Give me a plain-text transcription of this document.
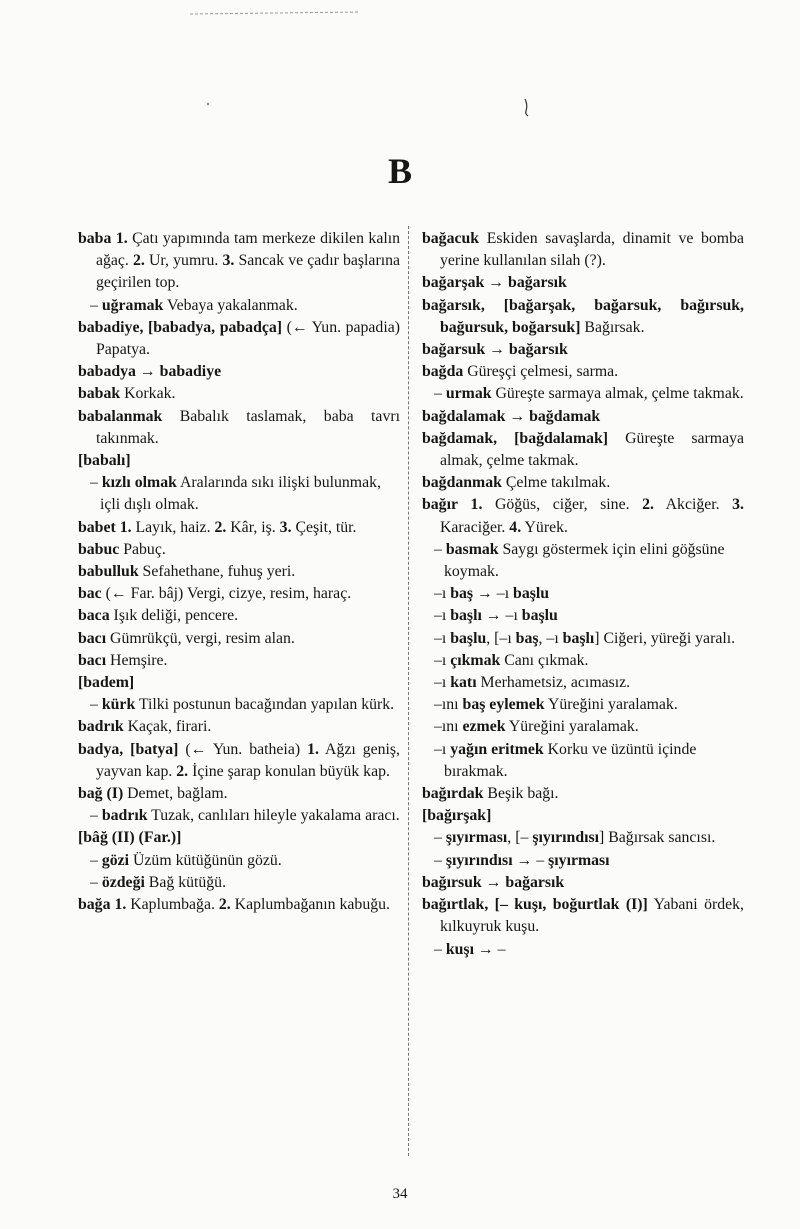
B
baba 1. Çatı yapımında tam merkeze dikilen kalın ağaç. 2. Ur, yumru. 3. Sancak ve çadır başlarına geçirilen top.
– uğramak Vebaya yakalanmak.
babadiye, [babadya, pabadça] (← Yun. papadia) Papatya.
babadya → babadiye
babak Korkak.
babalanmak Babalık taslamak, baba tavrı takınmak.
[babalı]
– kızlı olmak Aralarında sıkı ilişki bulunmak, içli dışlı olmak.
babet 1. Layık, haiz. 2. Kâr, iş. 3. Çeşit, tür.
babuc Pabuç.
babulluk Sefahethane, fuhuş yeri.
bac (← Far. bâj) Vergi, cizye, resim, haraç.
baca Işık deliği, pencere.
bacı Gümrükçü, vergi, resim alan.
bacı Hemşire.
[badem]
– kürk Tilki postunun bacağından yapılan kürk.
badrık Kaçak, firari.
badya, [batya] (← Yun. batheia) 1. Ağzı geniş, yayvan kap. 2. İçine şarap konulan büyük kap.
bağ (I) Demet, bağlam.
– badrık Tuzak, canlıları hileyle yakalama aracı.
[bâğ (II) (Far.)]
– gözi Üzüm kütüğünün gözü.
– özdeği Bağ kütüğü.
bağa 1. Kaplumbağa. 2. Kaplumbağanın kabuğu.
bağacuk Eskiden savaşlarda, dinamit ve bomba yerine kullanılan silah (?).
bağarşak → bağarsık
bağarsık, [bağarşak, bağarsuk, bağırsuk, bağursuk, boğarsuk] Bağırsak.
bağarsuk → bağarsık
bağda Güreşçi çelmesi, sarma.
– urmak Güreşte sarmaya almak, çelme takmak.
bağdalamak → bağdamak
bağdamak, [bağdalamak] Güreşte sarmaya almak, çelme takmak.
bağdanmak Çelme takılmak.
bağır 1. Göğüs, ciğer, sine. 2. Akciğer. 3. Karaciğer. 4. Yürek.
– basmak Saygı göstermek için elini göğsüne koymak.
–ı baş → –ı başlu
–ı başlı → –ı başlu
–ı başlu, [–ı baş, –ı başlı] Ciğeri, yüreği yaralı.
–ı çıkmak Canı çıkmak.
–ı katı Merhametsiz, acımasız.
–ını baş eylemek Yüreğini yaralamak.
–ını ezmek Yüreğini yaralamak.
–ı yağın eritmek Korku ve üzüntü içinde bırakmak.
bağırdak Beşik bağı.
[bağırşak]
– şıyırması, [– şıyırındısı] Bağırsak sancısı.
– şıyırındısı → – şıyırması
bağırsuk → bağarsık
bağırtlak, [– kuşı, boğurtlak (I)] Yabani ördek, kılkuyruk kuşu.
– kuşı → –
34
